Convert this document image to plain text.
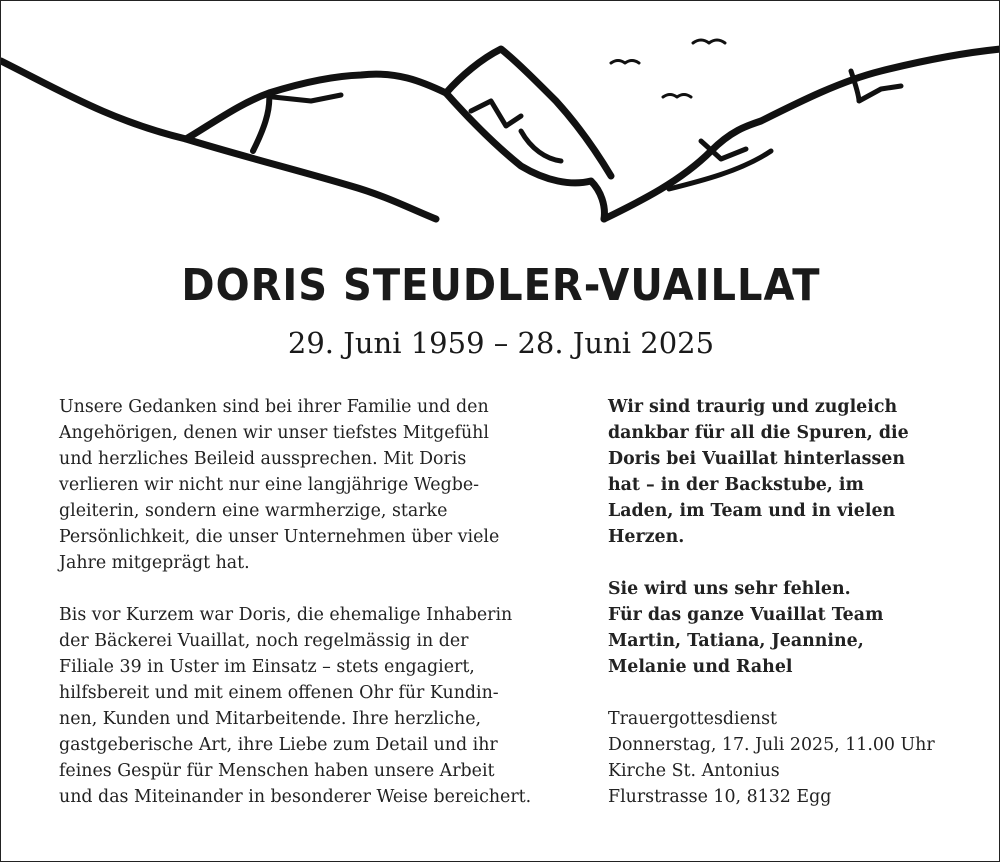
DORIS STEUDLER-VUAILLAT
29. Juni 1959 – 28. Juni 2025
Unsere Gedanken sind bei ihrer Familie und den
Angehörigen, denen wir unser tiefstes Mitgefühl
und herzliches Beileid aussprechen. Mit Doris
verlieren wir nicht nur eine langjährige Wegbe-
gleiterin, sondern eine warmherzige, starke
Persönlichkeit, die unser Unternehmen über viele
Jahre mitgeprägt hat.
Bis vor Kurzem war Doris, die ehemalige Inhaberin
der Bäckerei Vuaillat, noch regelmässig in der
Filiale 39 in Uster im Einsatz – stets engagiert,
hilfsbereit und mit einem offenen Ohr für Kundin-
nen, Kunden und Mitarbeitende. Ihre herzliche,
gastgeberische Art, ihre Liebe zum Detail und ihr
feines Gespür für Menschen haben unsere Arbeit
und das Miteinander in besonderer Weise bereichert.
Wir sind traurig und zugleich
dankbar für all die Spuren, die
Doris bei Vuaillat hinterlassen
hat – in der Backstube, im
Laden, im Team und in vielen
Herzen.
Sie wird uns sehr fehlen.
Für das ganze Vuaillat Team
Martin, Tatiana, Jeannine,
Melanie und Rahel
Trauergottesdienst
Donnerstag, 17. Juli 2025, 11.00 Uhr
Kirche St. Antonius
Flurstrasse 10, 8132 Egg
